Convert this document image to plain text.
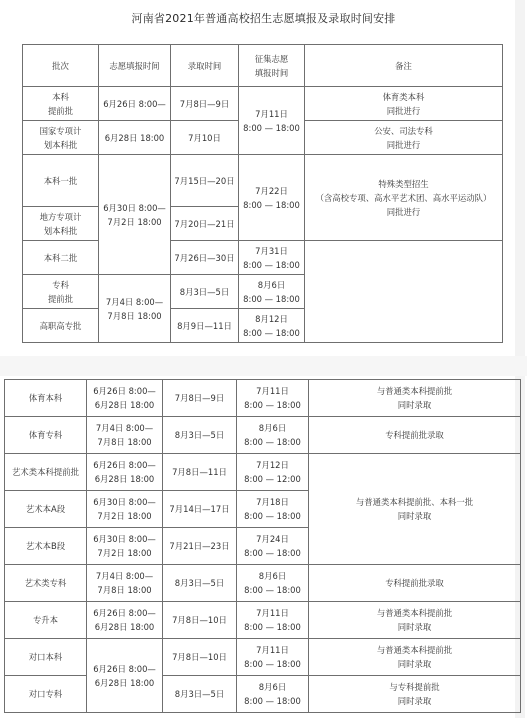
河南省2021年普通高校招生志愿填报及录取时间安排
批次	志愿填报时间	录取时间	征集志愿
填报时间	备注
本科
提前批	6月26日 8:00—	7月8日—9日	7月11日
8:00 — 18:00	体育类本科
同批进行
国家专项计
划本科批	6月28日 18:00	7月10日		公安、司法专科
同批进行
本科一批	6月30日 8:00—
7月2日 18:00	7月15日—20日	7月22日
8:00 — 18:00	特殊类型招生
（含高校专项、高水平艺术团、高水平运动队）
同批进行
地方专项计
划本科批		7月20日—21日		
本科二批		7月26日—30日	7月31日
8:00 — 18:00	
专科
提前批	7月4日 8:00—
7月8日 18:00	8月3日—5日	8月6日
8:00 — 18:00	
高职高专批		8月9日—11日	8月12日
8:00 — 18:00	
体育本科	6月26日 8:00—
6月28日 18:00	7月8日—9日	7月11日
8:00 — 18:00	与普通类本科提前批
同时录取
体育专科	7月4日 8:00—
7月8日 18:00	8月3日—5日	8月6日
8:00 — 18:00	专科提前批录取
艺术类本科提前批	6月26日 8:00—
6月28日 18:00	7月8日—11日	7月12日
8:00 — 12:00	与普通类本科提前批、本科一批
同时录取
艺术本A段	6月30日 8:00—
7月2日 18:00	7月14日—17日	7月18日
8:00 — 18:00	
艺术本B段	6月30日 8:00—
7月2日 18:00	7月21日—23日	7月24日
8:00 — 18:00	
艺术类专科	7月4日 8:00—
7月8日 18:00	8月3日—5日	8月6日
8:00 — 18:00	专科提前批录取
专升本	6月26日 8:00—
6月28日 18:00	7月8日—10日	7月11日
8:00 — 18:00	与普通类本科提前批
同时录取
对口本科	6月26日 8:00—
6月28日 18:00	7月8日—10日	7月11日
8:00 — 18:00	与普通类本科提前批
同时录取
对口专科		8月3日—5日	8月6日
8:00 — 18:00	与专科提前批
同时录取
